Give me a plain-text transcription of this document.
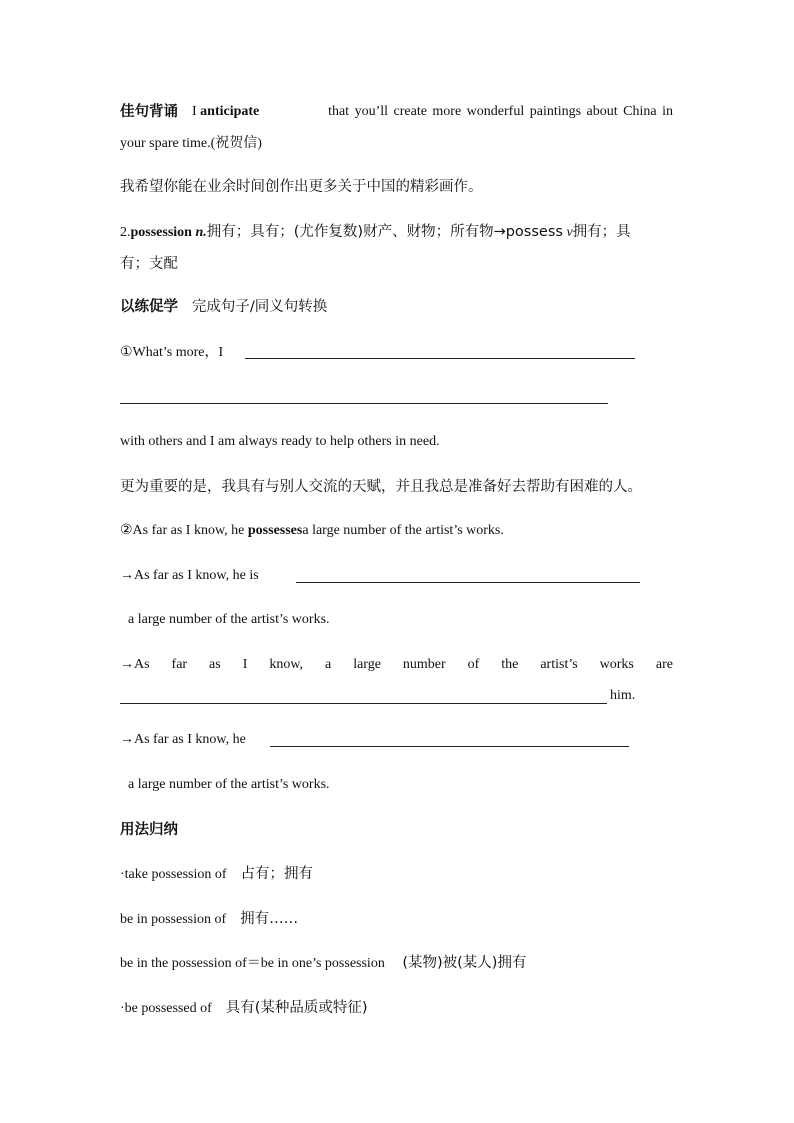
佳句背诵 I anticipate	that you’ll create more wonderful paintings about China in
your spare time.(祝贺信)
我希望你能在业余时间创作出更多关于中国的精彩画作。
2.possession n.拥有；具有；(尤作复数)财产、财物；所有物→possess v拥有；具
有；支配
以练促学 完成句子/同义句转换
①What’s more，I
with others and I am always ready to help others in need.
更为重要的是，我具有与别人交流的天赋，并且我总是准备好去帮助有困难的人。
②As far as I know, he possessesa large number of the artist’s works.
→As far as I know, he is
a large number of the artist’s works.
→As far as I know, a large number of the artist’s works are
him.
→As far as I know, he
a large number of the artist’s works.
用法归纳
·take possession of 占有；拥有
be in possession of 拥有……
be in the possession of＝be in one’s possession (某物)被(某人)拥有
·be possessed of 具有(某种品质或特征)
